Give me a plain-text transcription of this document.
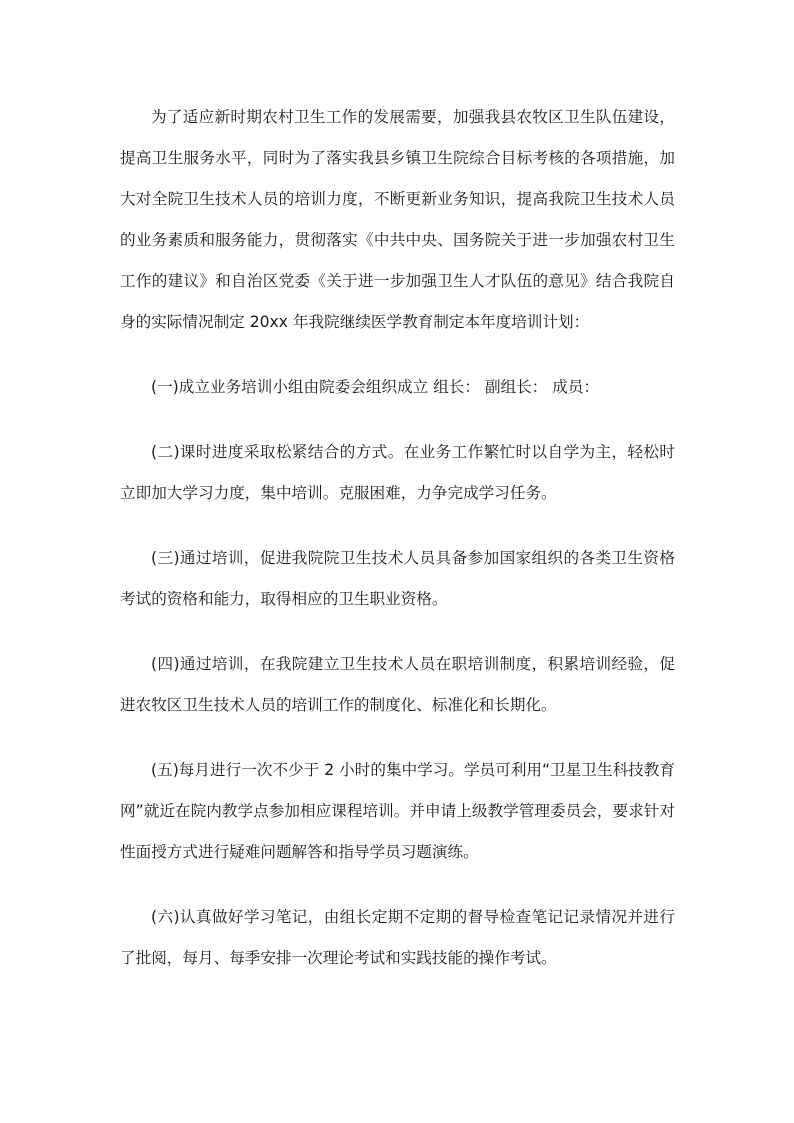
为了适应新时期农村卫生工作的发展需要，加强我县农牧区卫生队伍建设，提高卫生服务水平，同时为了落实我县乡镇卫生院综合目标考核的各项措施，加大对全院卫生技术人员的培训力度，不断更新业务知识，提高我院卫生技术人员的业务素质和服务能力，贯彻落实《中共中央、国务院关于进一步加强农村卫生工作的建议》和自治区党委《关于进一步加强卫生人才队伍的意见》结合我院自身的实际情况制定 20xx 年我院继续医学教育制定本年度培训计划：

(一)成立业务培训小组由院委会组织成立 组长： 副组长： 成员：

(二)课时进度采取松紧结合的方式。在业务工作繁忙时以自学为主，轻松时立即加大学习力度，集中培训。克服困难，力争完成学习任务。

(三)通过培训，促进我院院卫生技术人员具备参加国家组织的各类卫生资格考试的资格和能力，取得相应的卫生职业资格。

(四)通过培训，在我院建立卫生技术人员在职培训制度，积累培训经验，促进农牧区卫生技术人员的培训工作的制度化、标准化和长期化。

(五)每月进行一次不少于 2 小时的集中学习。学员可利用“卫星卫生科技教育网”就近在院内教学点参加相应课程培训。并申请上级教学管理委员会，要求针对性面授方式进行疑难问题解答和指导学员习题演练。

(六)认真做好学习笔记，由组长定期不定期的督导检查笔记记录情况并进行了批阅，每月、每季安排一次理论考试和实践技能的操作考试。
